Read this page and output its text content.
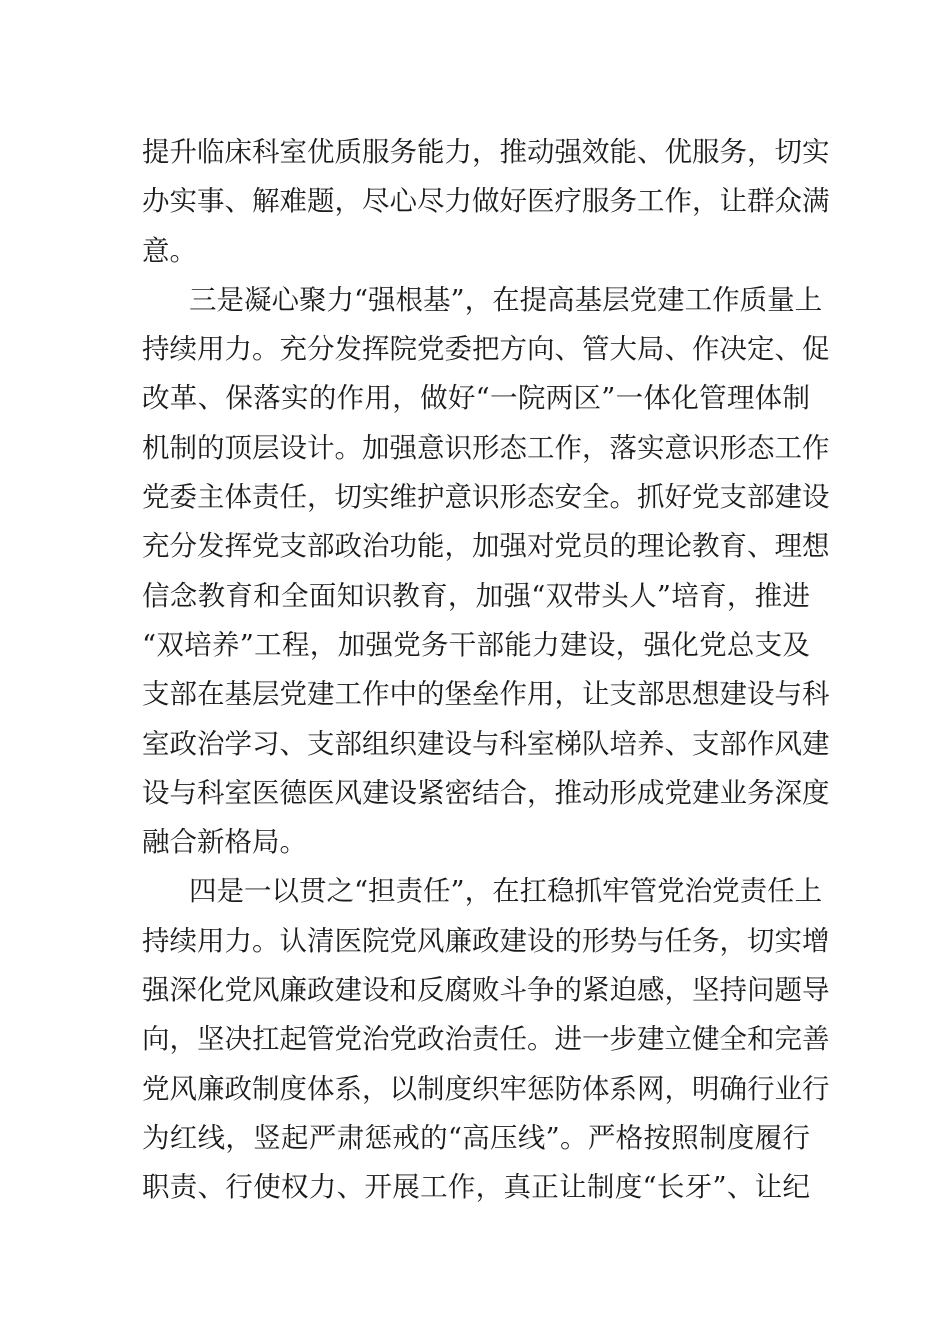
提升临床科室优质服务能力，推动强效能、优服务，切实
办实事、解难题，尽心尽力做好医疗服务工作，让群众满
意。
三是凝心聚力“强根基”，在提高基层党建工作质量上
持续用力。充分发挥院党委把方向、管大局、作决定、促
改革、保落实的作用，做好“一院两区”一体化管理体制
机制的顶层设计。加强意识形态工作，落实意识形态工作
党委主体责任，切实维护意识形态安全。抓好党支部建设
充分发挥党支部政治功能，加强对党员的理论教育、理想
信念教育和全面知识教育，加强“双带头人”培育，推进
“双培养”工程，加强党务干部能力建设，强化党总支及
支部在基层党建工作中的堡垒作用，让支部思想建设与科
室政治学习、支部组织建设与科室梯队培养、支部作风建
设与科室医德医风建设紧密结合，推动形成党建业务深度
融合新格局。
四是一以贯之“担责任”，在扛稳抓牢管党治党责任上
持续用力。认清医院党风廉政建设的形势与任务，切实增
强深化党风廉政建设和反腐败斗争的紧迫感，坚持问题导
向，坚决扛起管党治党政治责任。进一步建立健全和完善
党风廉政制度体系，以制度织牢惩防体系网，明确行业行
为红线，竖起严肃惩戒的“高压线”。严格按照制度履行
职责、行使权力、开展工作，真正让制度“长牙”、让纪
